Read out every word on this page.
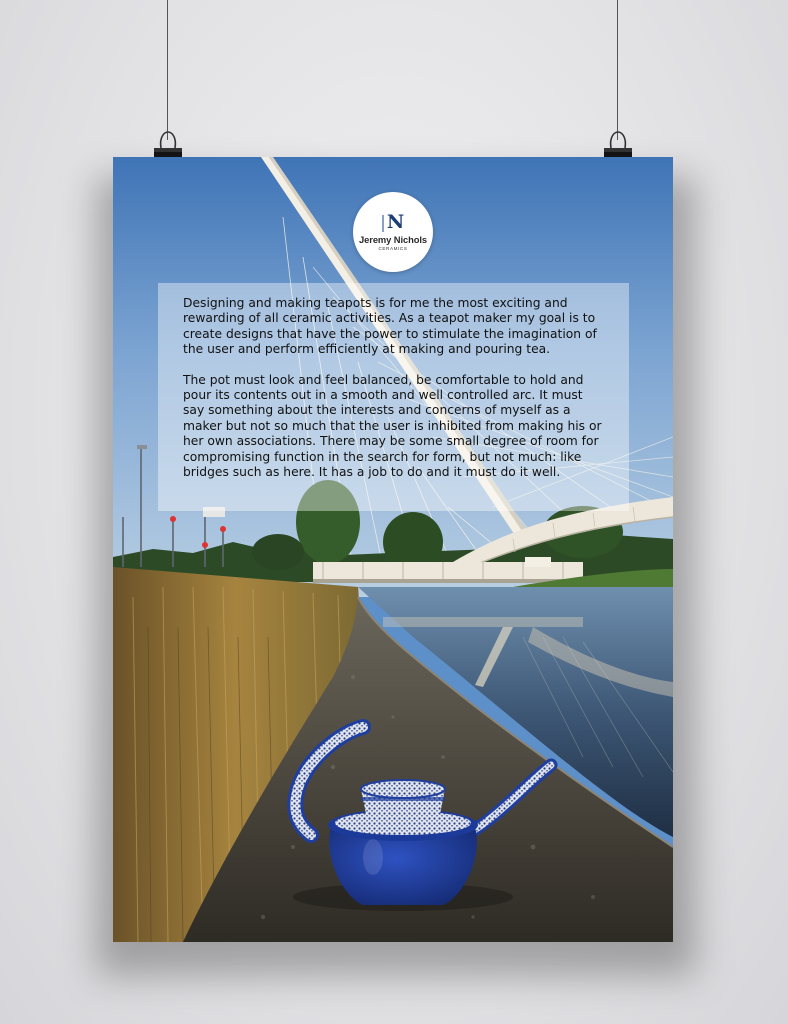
N
Jeremy Nichols
CERAMICS

Designing and making teapots is for me the most exciting and rewarding of all ceramic activities. As a teapot maker my goal is to create designs that have the power to stimulate the imagination of the user and perform efficiently at making and pouring tea.

The pot must look and feel balanced, be comfortable to hold and pour its contents out in a smooth and well controlled arc. It must say something about the interests and concerns of myself as a maker but not so much that the user is inhibited from making his or her own associations. There may be some small degree of room for compromising function in the search for form, but not much: like bridges such as here. It has a job to do and it must do it well.
